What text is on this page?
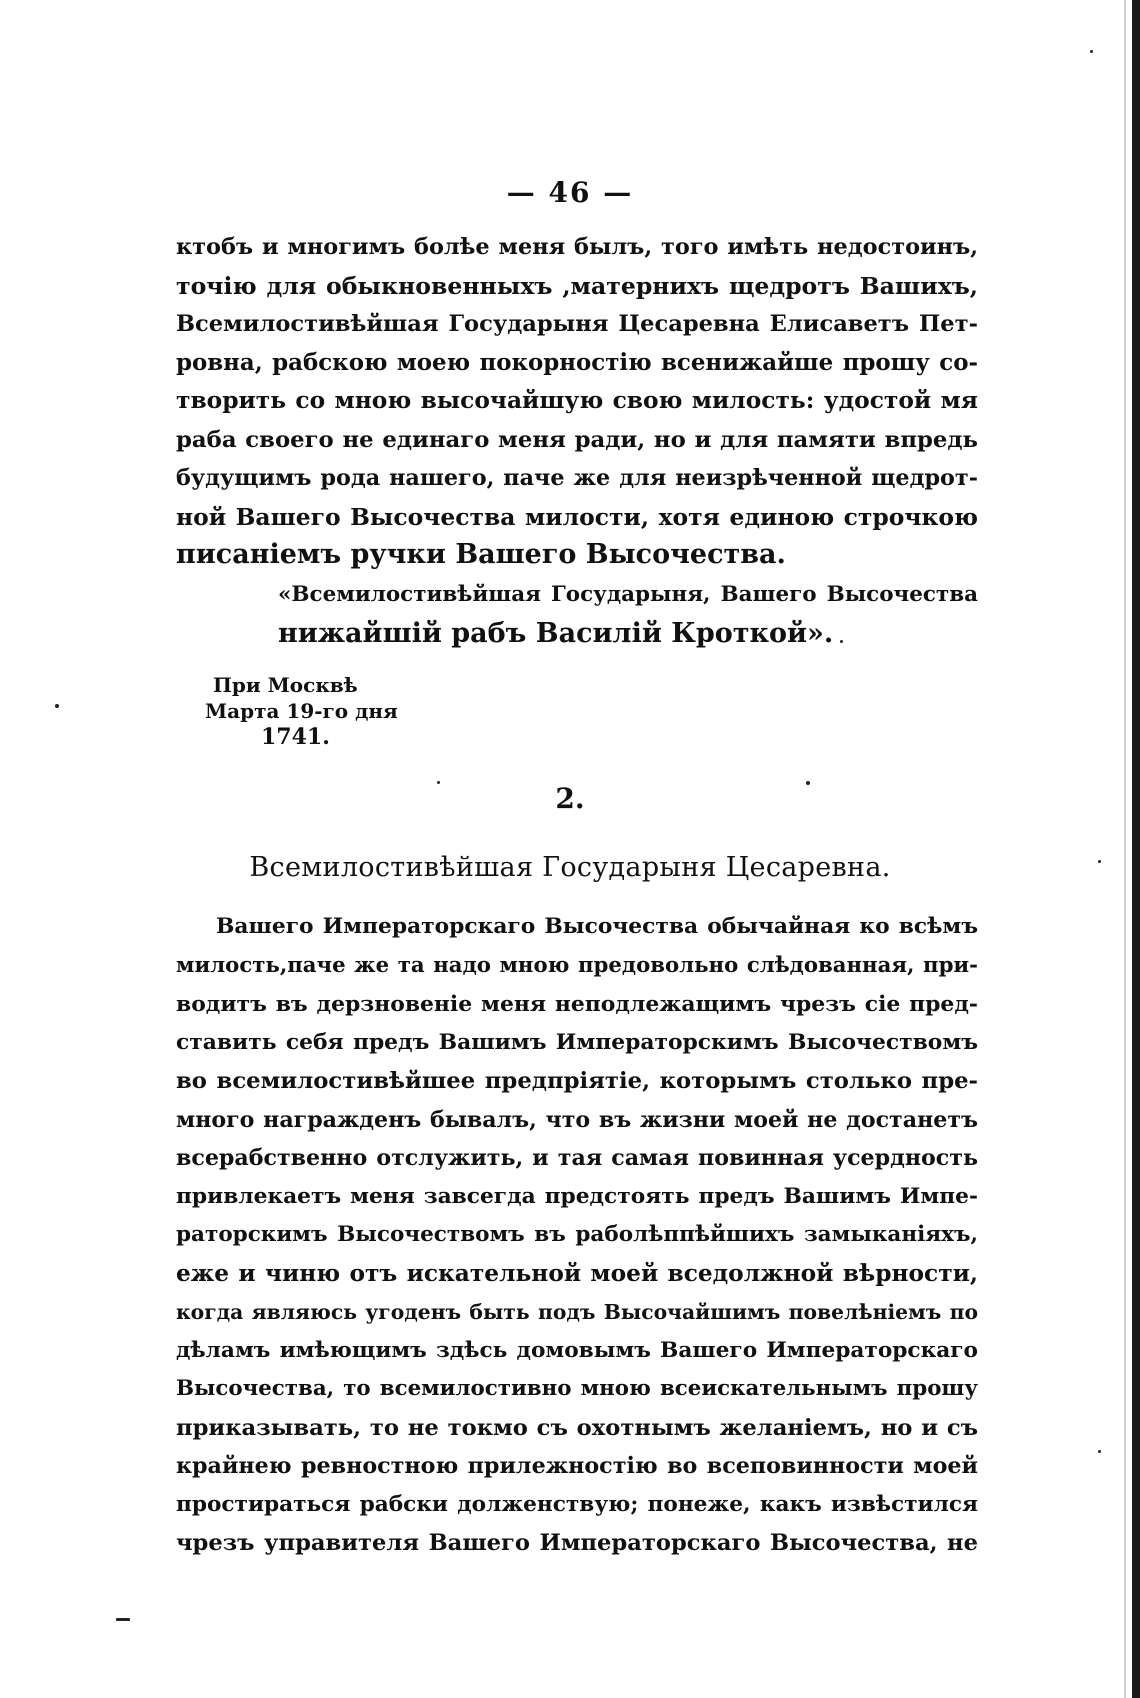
— 46 —
ктобъ и многимъ болѣе меня былъ, того имѣть недостоинъ,
точію для обыкновенныхъ ,матернихъ щедротъ Вашихъ,
Всемилостивѣйшая Государыня Цесаревна Елисаветъ Пет-
ровна, рабскою моею покорностію всенижайше прошу со-
творить со мною высочайшую свою милость: удостой мя
раба своего не единаго меня ради, но и для памяти впредь
будущимъ рода нашего, паче же для неизрѣченной щедрот-
ной Вашего Высочества милости, хотя единою строчкою
писаніемъ ручки Вашего Высочества.
«Всемилостивѣйшая Государыня, Вашего Высочества
нижайшій рабъ Василій Кроткой».
При Москвѣ
Марта 19-го дня
1741.
2.
Всемилостивѣйшая Государыня Цесаревна.
Вашего Императорскаго Высочества обычайная ко всѣмъ
милость,паче же та надо мною предовольно слѣдованная, при-
водитъ въ дерзновеніе меня неподлежащимъ чрезъ сіе пред-
ставить себя предъ Вашимъ Императорскимъ Высочествомъ
во всемилостивѣйшее предпріятіе, которымъ столько пре-
много награжденъ бывалъ, что въ жизни моей не достанетъ
всерабственно отслужить, и тая самая повинная усердность
привлекаетъ меня завсегда предстоять предъ Вашимъ Импе-
раторскимъ Высочествомъ въ раболѣппѣйшихъ замыканіяхъ,
еже и чиню отъ искательной моей вседолжной вѣрности,
когда являюсь угоденъ быть подъ Высочайшимъ повелѣніемъ по
дѣламъ имѣющимъ здѣсь домовымъ Вашего Императорскаго
Высочества, то всемилостивно мною всеискательнымъ прошу
приказывать, то не токмо съ охотнымъ желаніемъ, но и съ
крайнею ревностною прилежностію во всеповинности моей
простираться рабски долженствую; понеже, какъ извѣстился
чрезъ управителя Вашего Императорскаго Высочества, не
